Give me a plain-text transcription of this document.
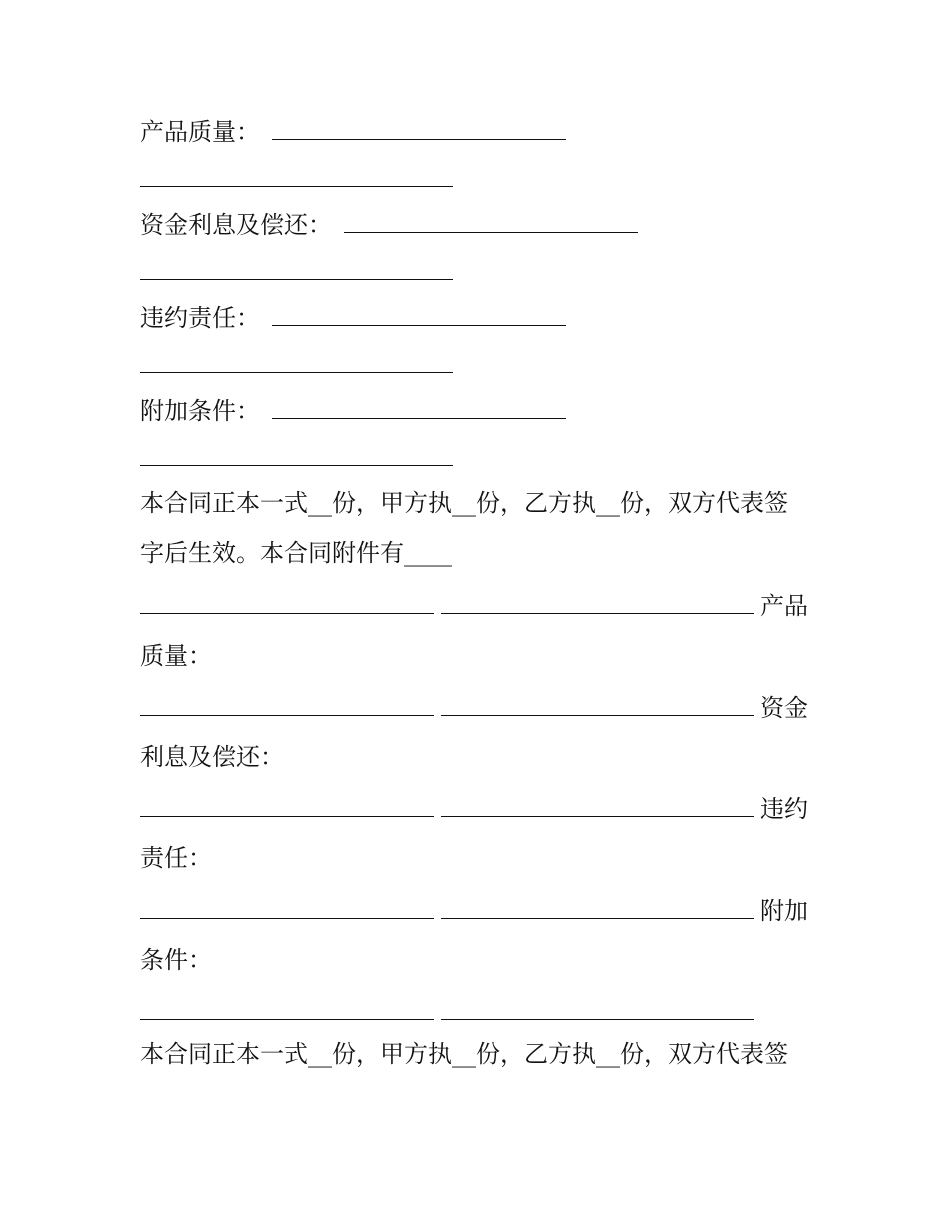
产品质量：
资金利息及偿还：
违约责任：
附加条件：
本合同正本一式__份，甲方执__份，乙方执__份，双方代表签
字后生效。本合同附件有____
产品
质量：
资金
利息及偿还：
违约
责任：
附加
条件：
本合同正本一式__份，甲方执__份，乙方执__份，双方代表签
